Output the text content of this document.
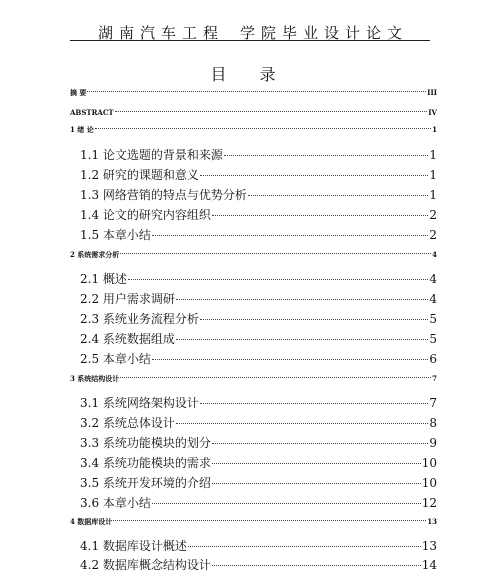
湖南汽车工程 学院毕业设计论文
目 录
摘 要	III
ABSTRACT	IV
1 绪 论	1
1.1 论文选题的背景和来源	1
1.2 研究的课题和意义	1
1.3 网络营销的特点与优势分析	1
1.4 论文的研究内容组织	2
1.5 本章小结	2
2 系统需求分析	4
2.1 概述	4
2.2 用户需求调研	4
2.3 系统业务流程分析	5
2.4 系统数据组成	5
2.5 本章小结	6
3 系统结构设计	7
3.1 系统网络架构设计	7
3.2 系统总体设计	8
3.3 系统功能模块的划分	9
3.4 系统功能模块的需求	10
3.5 系统开发环境的介绍	10
3.6 本章小结	12
4 数据库设计	13
4.1 数据库设计概述	13
4.2 数据库概念结构设计	14
